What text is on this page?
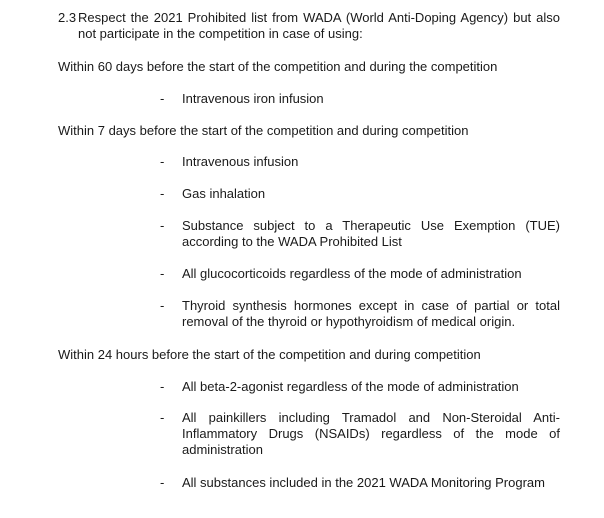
2.3 Respect the 2021 Prohibited list from WADA (World Anti-Doping Agency) but also not participate in the competition in case of using:
Within 60 days before the start of the competition and during the competition
-	Intravenous iron infusion
Within 7 days before the start of the competition and during competition
-	Intravenous infusion
-	Gas inhalation
-	Substance subject to a Therapeutic Use Exemption (TUE) according to the WADA Prohibited List
-	All glucocorticoids regardless of the mode of administration
-	Thyroid synthesis hormones except in case of partial or total removal of the thyroid or hypothyroidism of medical origin.
Within 24 hours before the start of the competition and during competition
-	All beta-2-agonist regardless of the mode of administration
-	All painkillers including Tramadol and Non-Steroidal Anti-Inflammatory Drugs (NSAIDs) regardless of the mode of administration
-	All substances included in the 2021 WADA Monitoring Program
